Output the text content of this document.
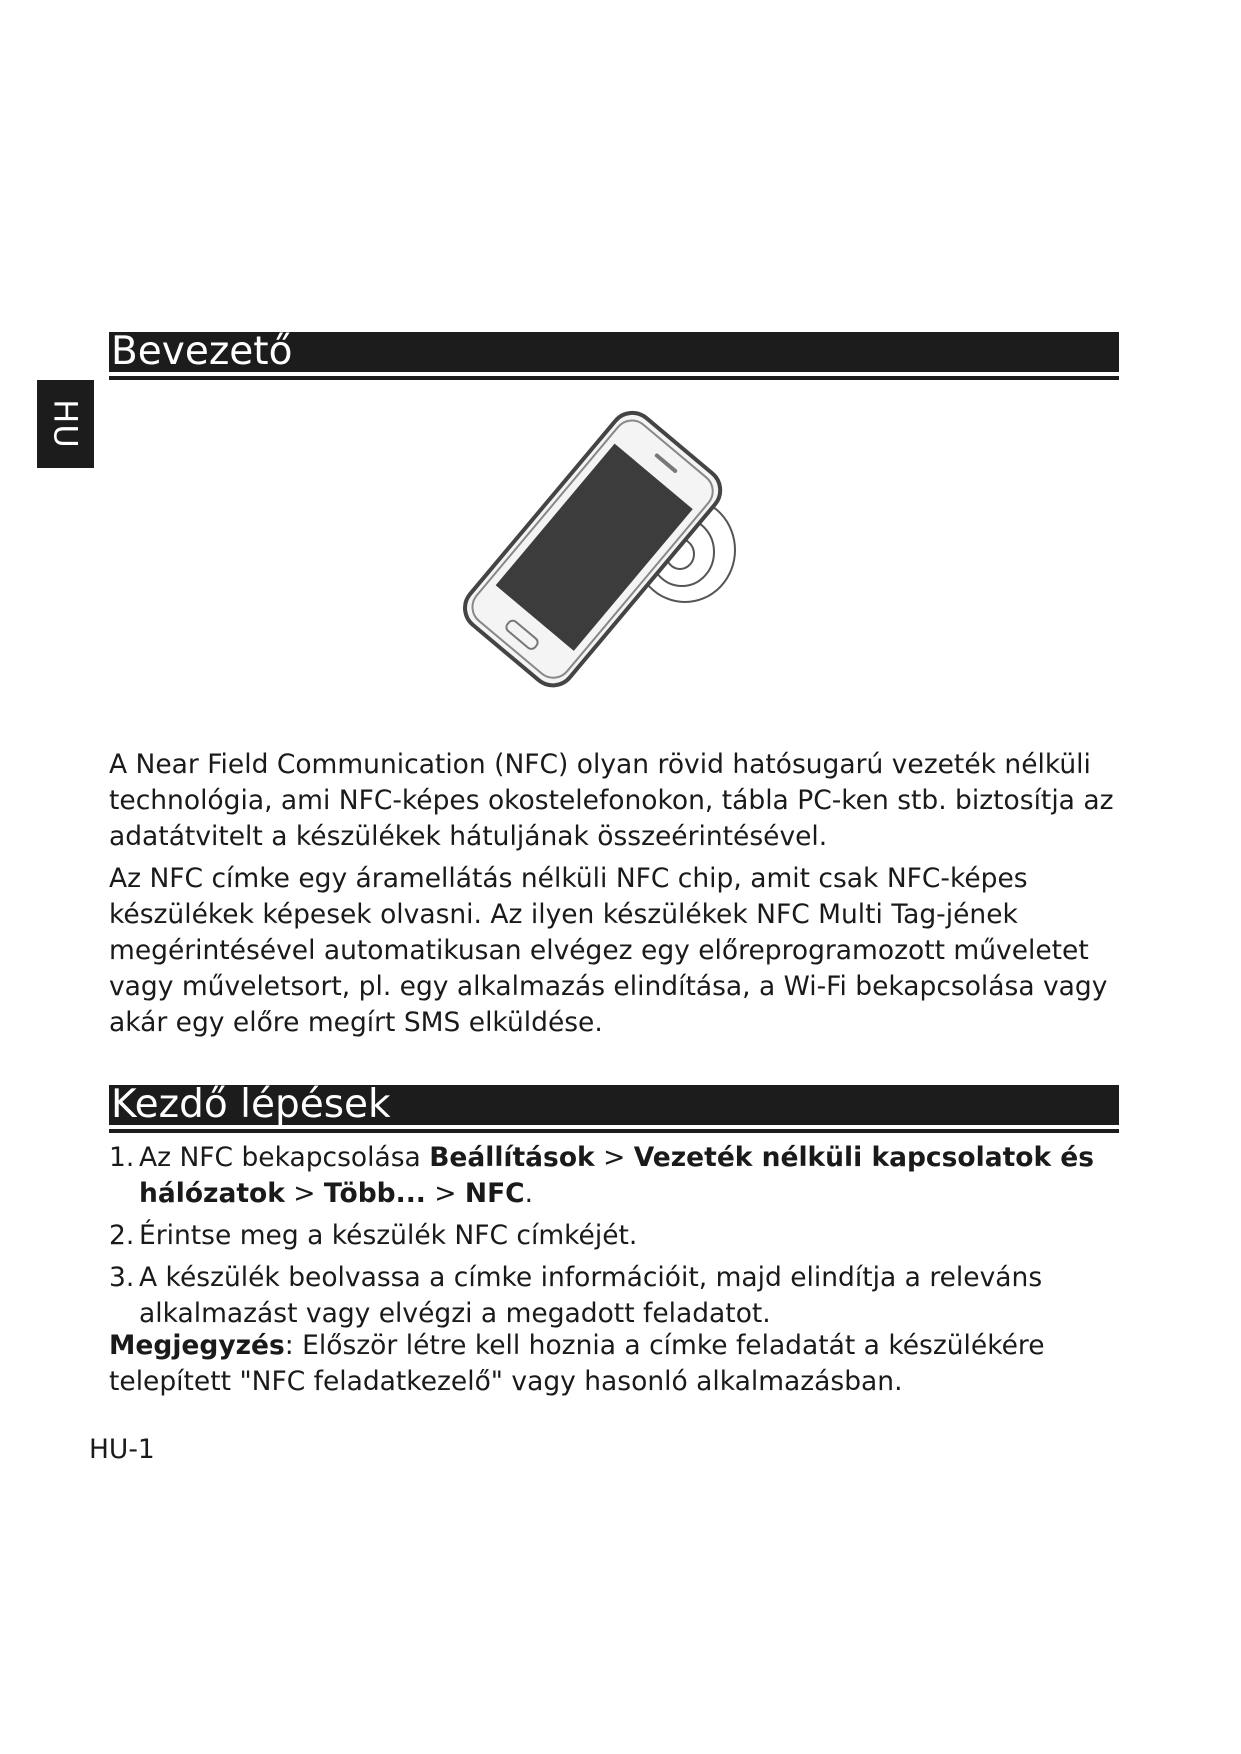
HU
Bevezető

A Near Field Communication (NFC) olyan rövid hatósugarú vezeték nélküli technológia, ami NFC-képes okostelefonokon, tábla PC-ken stb. biztosítja az adatátvitelt a készülékek hátuljának összeérintésével.

Az NFC címke egy áramellátás nélküli NFC chip, amit csak NFC-képes készülékek képesek olvasni. Az ilyen készülékek NFC Multi Tag-jének megérintésével automatikusan elvégez egy előreprogramozott műveletet vagy műveletsort, pl. egy alkalmazás elindítása, a Wi-Fi bekapcsolása vagy akár egy előre megírt SMS elküldése.

Kezdő lépések
1. Az NFC bekapcsolása Beállítások > Vezeték nélküli kapcsolatok és hálózatok > Több... > NFC.
2. Érintse meg a készülék NFC címkéjét.
3. A készülék beolvassa a címke információit, majd elindítja a releváns alkalmazást vagy elvégzi a megadott feladatot.

Megjegyzés: Először létre kell hoznia a címke feladatát a készülékére telepített "NFC feladatkezelő" vagy hasonló alkalmazásban.

HU-1
